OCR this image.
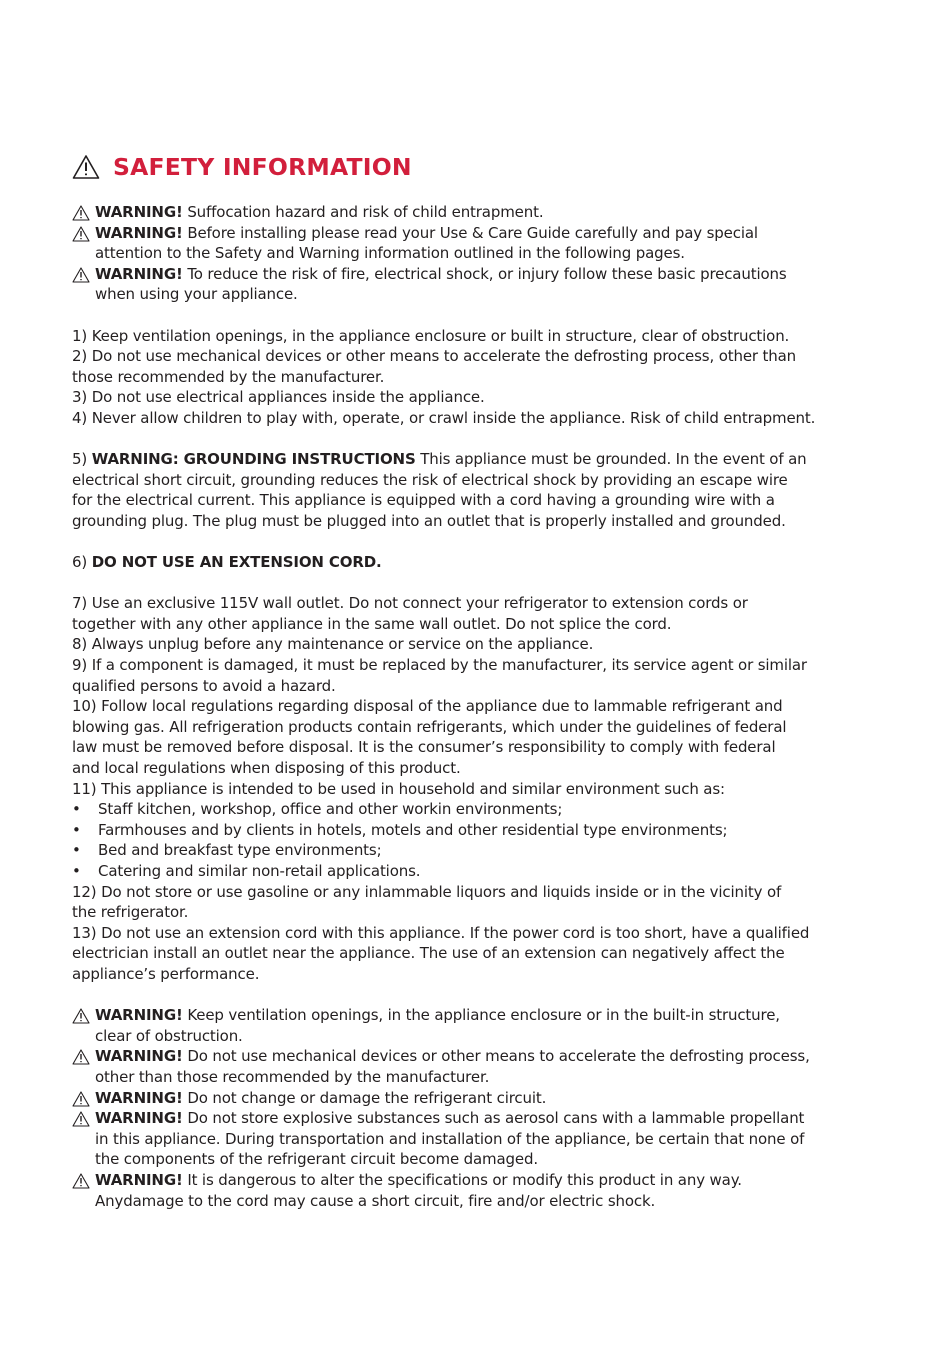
SAFETY INFORMATION
WARNING! Suffocation hazard and risk of child entrapment.
WARNING! Before installing please read your Use & Care Guide carefully and pay special
attention to the Safety and Warning information outlined in the following pages.
WARNING! To reduce the risk of fire, electrical shock, or injury follow these basic precautions
when using your appliance.
1) Keep ventilation openings, in the appliance enclosure or built in structure, clear of obstruction.
2) Do not use mechanical devices or other means to accelerate the defrosting process, other than
those recommended by the manufacturer.
3) Do not use electrical appliances inside the appliance.
4) Never allow children to play with, operate, or crawl inside the appliance. Risk of child entrapment.
5) WARNING: GROUNDING INSTRUCTIONS This appliance must be grounded. In the event of an
electrical short circuit, grounding reduces the risk of electrical shock by providing an escape wire
for the electrical current. This appliance is equipped with a cord having a grounding wire with a
grounding plug. The plug must be plugged into an outlet that is properly installed and grounded.
6) DO NOT USE AN EXTENSION CORD.
7) Use an exclusive 115V wall outlet. Do not connect your refrigerator to extension cords or
together with any other appliance in the same wall outlet. Do not splice the cord.
8) Always unplug before any maintenance or service on the appliance.
9) If a component is damaged, it must be replaced by the manufacturer, its service agent or similar
qualified persons to avoid a hazard.
10) Follow local regulations regarding disposal of the appliance due to lammable refrigerant and
blowing gas. All refrigeration products contain refrigerants, which under the guidelines of federal
law must be removed before disposal. It is the consumer’s responsibility to comply with federal
and local regulations when disposing of this product.
11) This appliance is intended to be used in household and similar environment such as:
• Staff kitchen, workshop, office and other workin environments;
• Farmhouses and by clients in hotels, motels and other residential type environments;
• Bed and breakfast type environments;
• Catering and similar non-retail applications.
12) Do not store or use gasoline or any inlammable liquors and liquids inside or in the vicinity of
the refrigerator.
13) Do not use an extension cord with this appliance. If the power cord is too short, have a qualified
electrician install an outlet near the appliance. The use of an extension can negatively affect the
appliance’s performance.
WARNING! Keep ventilation openings, in the appliance enclosure or in the built-in structure,
clear of obstruction.
WARNING! Do not use mechanical devices or other means to accelerate the defrosting process,
other than those recommended by the manufacturer.
WARNING! Do not change or damage the refrigerant circuit.
WARNING! Do not store explosive substances such as aerosol cans with a lammable propellant
in this appliance. During transportation and installation of the appliance, be certain that none of
the components of the refrigerant circuit become damaged.
WARNING! It is dangerous to alter the specifications or modify this product in any way.
Anydamage to the cord may cause a short circuit, fire and/or electric shock.
